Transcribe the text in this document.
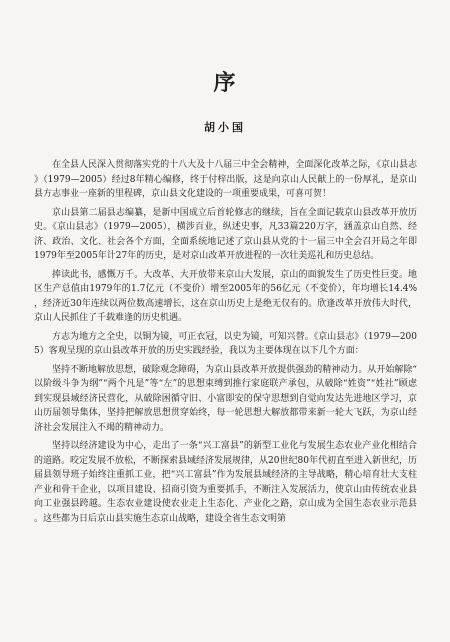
序
胡小国

在全县人民深入贯彻落实党的十八大及十八届三中全会精神，全面深化改革之际，《京山县志》（1979—2005）经过8年精心编修，终于付梓出版，这是向京山人民献上的一份厚礼，是京山县方志事业一座新的里程碑，京山县文化建设的一项重要成果，可喜可贺！

京山县第二届县志编纂，是新中国成立后首轮修志的继续，旨在全面记载京山县改革开放历史。《京山县志》（1979—2005），横涉百业，纵述史事，凡33篇220万字，涵盖京山自然、经济、政治、文化、社会各个方面，全面系统地记述了京山县从党的十一届三中全会召开局之年即1979年至2005年计27年的历史，是对京山改革开放进程的一次壮美巡礼和历史总结。

捧读此书，感慨万千。大改革、大开放带来京山大发展，京山的面貌发生了历史性巨变。地区生产总值由1979年的1.7亿元（不变价）增至2005年的56亿元（不变价），年均增长14.4%，经济近30年连续以两位数高速增长，这在京山历史上是绝无仅有的。欣逢改革开放伟大时代，京山人民抓住了千载难逢的历史机遇。

方志为地方之全史，以铜为镜，可正衣冠，以史为镜，可知兴替。《京山县志》（1979—2005）客观呈现的京山县改革开放的历史实践经验，我以为主要体现在以下几个方面：

坚持不断地解放思想，破除观念障碍，为京山县改革开放提供强劲的精神动力。从开始解除“以阶级斗争为纲”“两个凡是”等“左”的思想束缚到推行家庭联产承包，从破除“姓资”“姓社”顾虑到实现县域经济民营化，从破除困循守旧、小富即安的保守思想到自觉向发达先进地区学习，京山历届领导集体，坚持把解放思想贯穿始终，每一轮思想大解放都带来新一轮大飞跃，为京山经济社会发展注入不竭的精神动力。

坚持以经济建设为中心，走出了一条“兴工富县”的新型工业化与发展生态农业产业化相结合的道路。咬定发展不放松，不断探索县域经济发展规律，从20世纪80年代初直至进入新世纪，历届县领导班子始终注重抓工业，把“兴工富县”作为发展县域经济的主导战略，精心培育壮大支柱产业和骨干企业，以项目建设、招商引资为重要抓手，不断注入发展活力，使京山由传统农业县向工业强县跨越。生态农业建设使农业走上生态化、产业化之路，京山成为全国生态农业示范县。这些都为日后京山县实施生态京山战略，建设全省生态文明第
